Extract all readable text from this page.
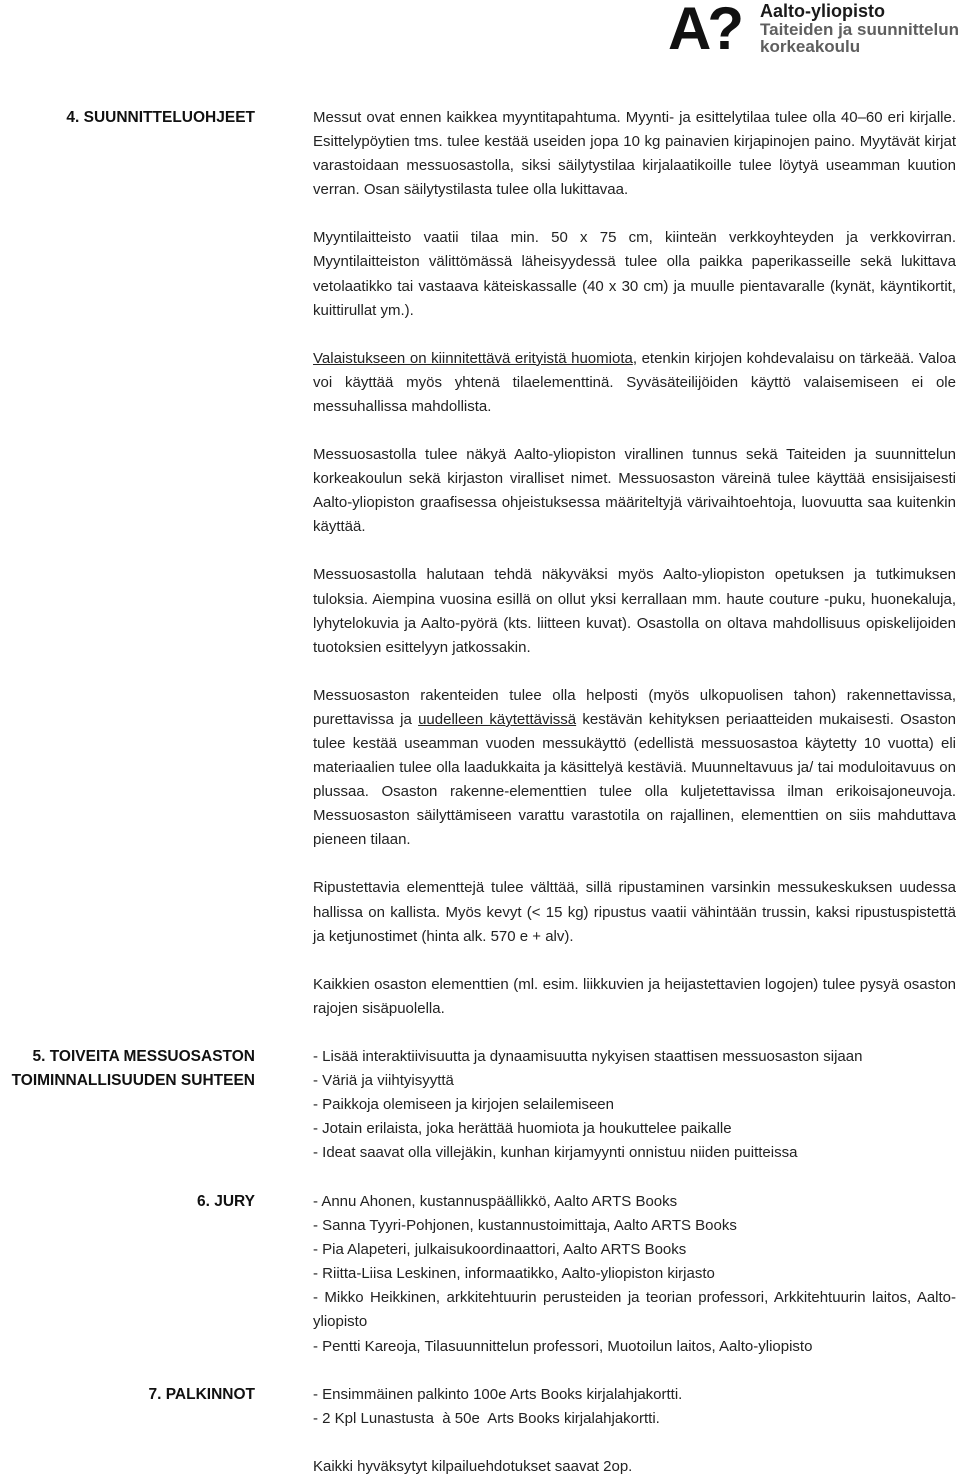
A? Aalto-yliopisto
Taiteiden ja suunnittelun
korkeakoulu
4. SUUNNITTELUOHJEET	Messut ovat ennen kaikkea myyntitapahtuma. Myynti- ja esittelytilaa tulee olla 40–60 eri kirjalle. Esittelypöytien tms. tulee kestää useiden jopa 10 kg painavien kirjapinojen paino. Myytävät kirjat varastoidaan messuosastolla, siksi säilytystilaa kirjalaatikoille tulee löytyä useamman kuution verran. Osan säilytystilasta tulee olla lukittavaa.

Myyntilaitteisto vaatii tilaa min. 50 x 75 cm, kiinteän verkkoyhteyden ja verkkovirran. Myyntilaitteiston välittömässä läheisyydessä tulee olla paikka paperikasseille sekä lukittava vetolaatikko tai vastaava käteiskassalle (40 x 30 cm) ja muulle pientavaralle (kynät, käyntikortit, kuittirullat ym.).

Valaistukseen on kiinnitettävä erityistä huomiota, etenkin kirjojen kohdevalaisu on tärkeää. Valoa voi käyttää myös yhtenä tilaelementtinä. Syväsäteilijöiden käyttö valaisemiseen ei ole messuhallissa mahdollista.

Messuosastolla tulee näkyä Aalto-yliopiston virallinen tunnus sekä Taiteiden ja suunnittelun korkeakoulun sekä kirjaston viralliset nimet. Messuosaston väreinä tulee käyttää ensisijaisesti Aalto-yliopiston graafisessa ohjeistuksessa määriteltyjä värivaihtoehtoja, luovuutta saa kuitenkin käyttää.

Messuosastolla halutaan tehdä näkyväksi myös Aalto-yliopiston opetuksen ja tutkimuksen tuloksia. Aiempina vuosina esillä on ollut yksi kerrallaan mm. haute couture -puku, huonekaluja, lyhytelokuvia ja Aalto-pyörä (kts. liitteen kuvat). Osastolla on oltava mahdollisuus opiskelijoiden tuotoksien esittelyyn jatkossakin.

Messuosaston rakenteiden tulee olla helposti (myös ulkopuolisen tahon) rakennettavissa, purettavissa ja uudelleen käytettävissä kestävän kehityksen periaatteiden mukaisesti. Osaston tulee kestää useamman vuoden messukäyttö (edellistä messuosastoa käytetty 10 vuotta) eli materiaalien tulee olla laadukkaita ja käsittelyä kestäviä. Muunneltavuus ja/ tai moduloitavuus on plussaa. Osaston rakenne-elementtien tulee olla kuljetettavissa ilman erikoisajoneuvoja. Messuosaston säilyttämiseen varattu varastotila on rajallinen, elementtien on siis mahduttava pieneen tilaan.

Ripustettavia elementtejä tulee välttää, sillä ripustaminen varsinkin messukeskuksen uudessa hallissa on kallista. Myös kevyt (< 15 kg) ripustus vaatii vähintään trussin, kaksi ripustuspistettä ja ketjunostimet (hinta alk. 570 e + alv).

Kaikkien osaston elementtien (ml. esim. liikkuvien ja heijastettavien logojen) tulee pysyä osaston rajojen sisäpuolella.

5. TOIVEITA MESSUOSASTON
TOIMINNALLISUUDEN SUHTEEN
- Lisää interaktiivisuutta ja dynaamisuutta nykyisen staattisen messuosaston sijaan
- Väriä ja viihtyisyyttä
- Paikkoja olemiseen ja kirjojen selailemiseen
- Jotain erilaista, joka herättää huomiota ja houkuttelee paikalle
- Ideat saavat olla villejäkin, kunhan kirjamyynti onnistuu niiden puitteissa
6. JURY	- Annu Ahonen, kustannuspäällikkö, Aalto ARTS Books
- Sanna Tyyri-Pohjonen, kustannustoimittaja, Aalto ARTS Books
- Pia Alapeteri, julkaisukoordinaattori, Aalto ARTS Books
- Riitta-Liisa Leskinen, informaatikko, Aalto-yliopiston kirjasto
- Mikko Heikkinen, arkkitehtuurin perusteiden ja teorian professori, Arkkitehtuurin laitos, Aalto-yliopisto
- Pentti Kareoja, Tilasuunnittelun professori, Muotoilun laitos, Aalto-yliopisto
7. PALKINNOT	- Ensimmäinen palkinto 100e Arts Books kirjalahjakortti.
- 2 Kpl Lunastusta  à 50e  Arts Books kirjalahjakortti.
Kaikki hyväksytyt kilpailuehdotukset saavat 2op.
